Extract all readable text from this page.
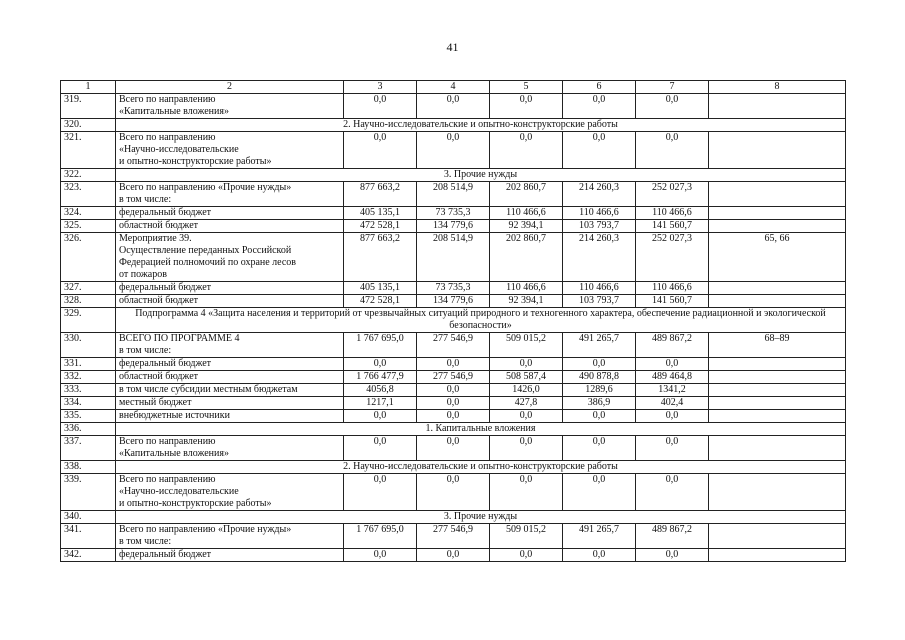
41
1	2	3	4	5	6	7	8
319.	Всего по направлению
«Капитальные вложения»	0,0	0,0	0,0	0,0	0,0	
320.	2. Научно-исследовательские и опытно-конструкторские работы						
321.	Всего по направлению
«Научно-исследовательские
и опытно-конструкторские работы»	0,0	0,0	0,0	0,0	0,0	
322.	3. Прочие нужды						
323.	Всего по направлению «Прочие нужды»
в том числе:	877 663,2	208 514,9	202 860,7	214 260,3	252 027,3	
324.	федеральный бюджет	405 135,1	73 735,3	110 466,6	110 466,6	110 466,6	
325.	областной бюджет	472 528,1	134 779,6	92 394,1	103 793,7	141 560,7	
326.	Мероприятие 39.
Осуществление переданных Российской
Федерацией полномочий по охране лесов
от пожаров	877 663,2	208 514,9	202 860,7	214 260,3	252 027,3	65, 66
327.	федеральный бюджет	405 135,1	73 735,3	110 466,6	110 466,6	110 466,6	
328.	областной бюджет	472 528,1	134 779,6	92 394,1	103 793,7	141 560,7	
329.	Подпрограмма 4 «Защита населения и территорий от чрезвычайных ситуаций природного и техногенного характера, обеспечение радиационной и экологической безопасности»						
330.	ВСЕГО ПО ПРОГРАММЕ 4
в том числе:	1 767 695,0	277 546,9	509 015,2	491 265,7	489 867,2	68–89
331.	федеральный бюджет	0,0	0,0	0,0	0,0	0,0	
332.	областной бюджет	1 766 477,9	277 546,9	508 587,4	490 878,8	489 464,8	
333.	в том числе субсидии местным бюджетам	4056,8	0,0	1426,0	1289,6	1341,2	
334.	местный бюджет	1217,1	0,0	427,8	386,9	402,4	
335.	внебюджетные источники	0,0	0,0	0,0	0,0	0,0	
336.	1. Капитальные вложения						
337.	Всего по направлению
«Капитальные вложения»	0,0	0,0	0,0	0,0	0,0	
338.	2. Научно-исследовательские и опытно-конструкторские работы						
339.	Всего по направлению
«Научно-исследовательские
и опытно-конструкторские работы»	0,0	0,0	0,0	0,0	0,0	
340.	3. Прочие нужды						
341.	Всего по направлению «Прочие нужды»
в том числе:	1 767 695,0	277 546,9	509 015,2	491 265,7	489 867,2	
342.	федеральный бюджет	0,0	0,0	0,0	0,0	0,0	
